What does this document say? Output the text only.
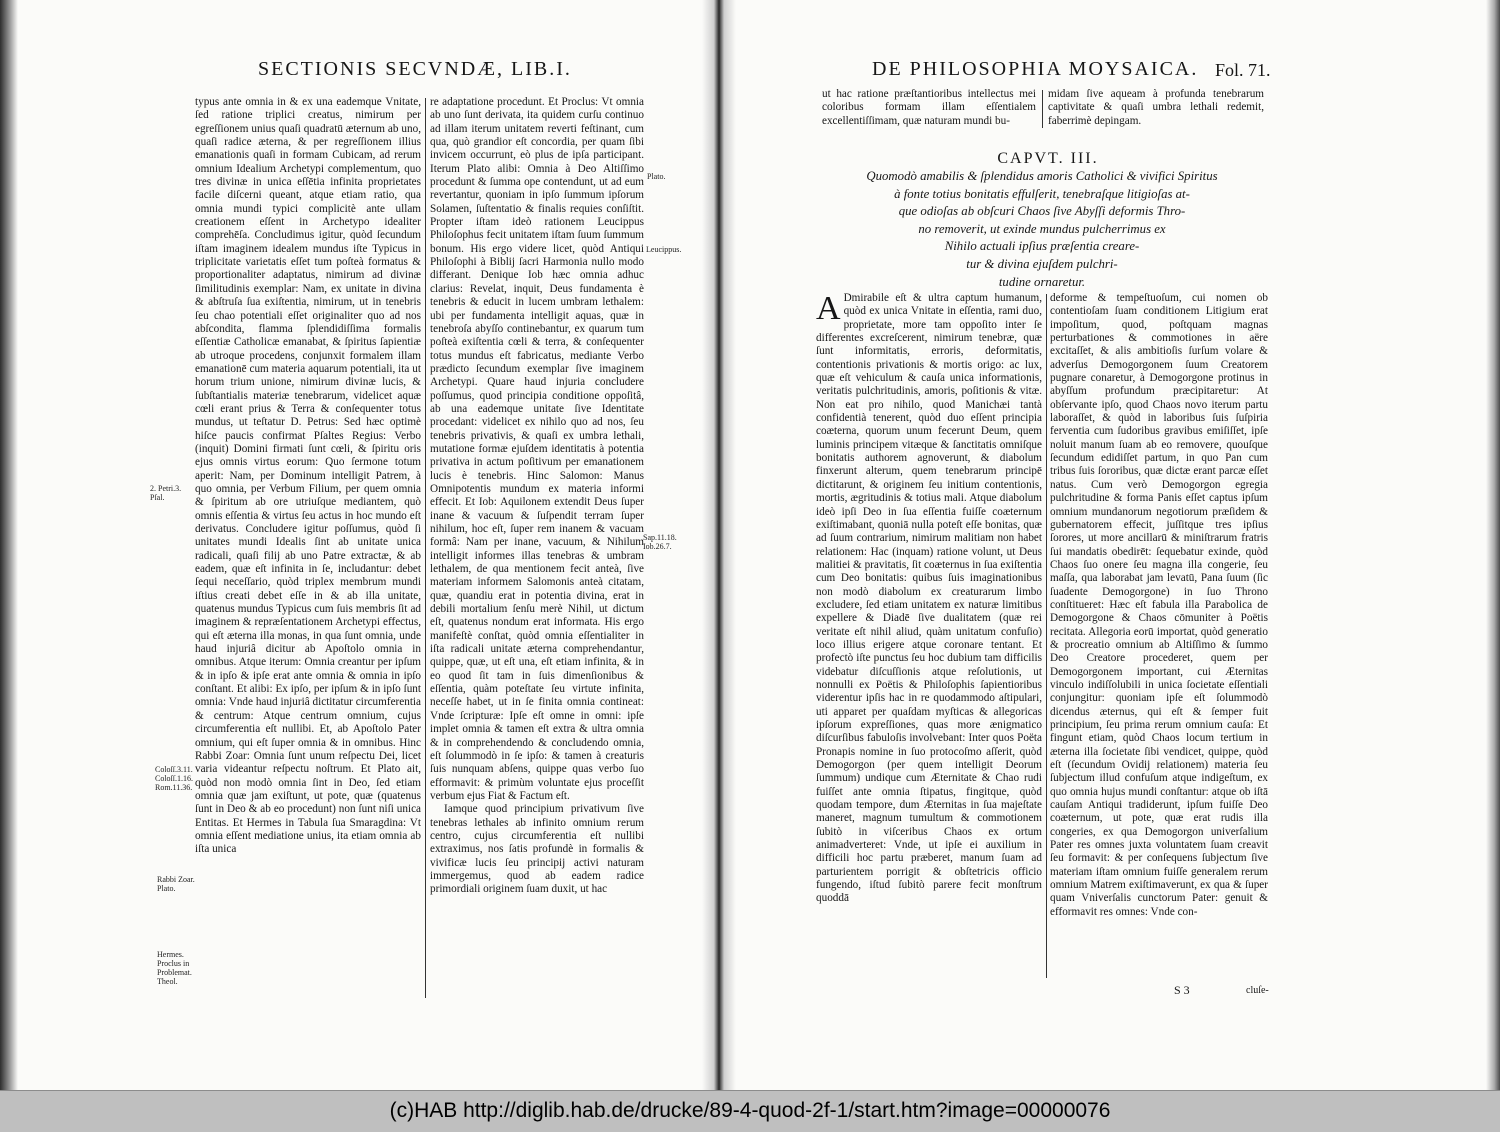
SECTIONIS SECVNDÆ, LIB.I.

typus ante omnia in & ex una eademque Vnitate, ſed ratione triplici creatus, nimirum per egreſſionem unius quaſi quadratū æternum ab uno, quaſi radice æterna, & per regreſſionem illius emanationis quaſi in formam Cubicam, ad rerum omnium Idealium Archetypi complementum, quo tres divinæ in unica eſſētia infinita proprietates facile diſcerni queant, atque etiam ratio, qua omnia mundi typici complicitè ante ullam creationem eſſent in Archetypo idealiter comprehēſa. Concludimus igitur, quòd ſecundum iſtam imaginem idealem mundus iſte Typicus in triplicitate varietatis eſſet tum poſteà formatus & proportionaliter adaptatus, nimirum ad divinæ ſimilitudinis exemplar: Nam, ex unitate in divina & abſtruſa ſua exiſtentia, nimirum, ut in tenebris ſeu chao potentiali eſſet originaliter quo ad nos abſcondita, flamma ſplendidiſſima formalis eſſentiæ Catholicæ emanabat, & ſpiritus ſapientiæ ab utroque procedens, conjunxit formalem illam emanationē cum materia aquarum potentiali, ita ut horum trium unione, nimirum divinæ lucis, & ſubſtantialis materiæ tenebrarum, videlicet aquæ cœli erant prius & Terra & conſequenter totus mundus, ut teſtatur D. Petrus: Sed hæc optimè hiſce paucis confirmat Pſaltes Regius: Verbo (inquit) Domini firmati ſunt cœli, & ſpiritu oris ejus omnis virtus eorum: Quo ſermone totum aperit: Nam, per Dominum intelligit Patrem, à quo omnia, per Verbum Filium, per quem omnia & ſpiritum ab ore utriuſque mediantem, quò omnis eſſentia & virtus ſeu actus in hoc mundo eſt derivatus. Concludere igitur poſſumus, quòd ſi unitates mundi Idealis ſint ab unitate unica radicali, quaſi filij ab uno Patre extractæ, & ab eadem, quæ eſt infinita in ſe, includantur: debet ſequi neceſſario, quòd triplex membrum mundi iſtius creati debet eſſe in & ab illa unitate, quatenus mundus Typicus cum ſuis membris ſit ad imaginem & repræſentationem Archetypi effectus, qui eſt æterna illa monas, in qua ſunt omnia, unde haud injuriâ dicitur ab Apoſtolo omnia in omnibus. Atque iterum: Omnia creantur per ipſum & in ipſo & ipſe erat ante omnia & omnia in ipſo conſtant. Et alibi: Ex ipſo, per ipſum & in ipſo ſunt omnia: Vnde haud injuriâ dictitatur circumferentia & centrum: Atque centrum omnium, cujus circumferentia eſt nullibi. Et, ab Apoſtolo Pater omnium, qui eſt ſuper omnia & in omnibus. Hinc Rabbi Zoar: Omnia ſunt unum reſpectu Dei, licet varia videantur reſpectu noſtrum. Et Plato ait, quòd non modò omnia ſint in Deo, ſed etiam omnia quæ jam exiſtunt, ut pote, quæ (quatenus ſunt in Deo & ab eo procedunt) non ſunt niſi unica Entitas. Et Hermes in Tabula ſua Smaragdina: Vt omnia eſſent mediatione unius, ita etiam omnia ab iſta unica

re adaptatione procedunt. Et Proclus: Vt omnia ab uno ſunt derivata, ita quidem curſu continuo ad illam iterum unitatem reverti feſtinant, cum qua, quò grandior eſt concordia, per quam ſibi invicem occurrunt, eò plus de ipſa participant. Iterum Plato alibi: Omnia à Deo Altiſſimo procedunt & ſumma ope contendunt, ut ad eum revertantur, quoniam in ipſo ſummum ipſorum Solamen, ſuſtentatio & finalis requies conſiſtit. Propter iſtam ideò rationem Leucippus Philoſophus fecit unitatem iſtam ſuum ſummum bonum. His ergo videre licet, quòd Antiqui Philoſophi à Biblij ſacri Harmonia nullo modo differant. Denique Iob hæc omnia adhuc clarius: Revelat, inquit, Deus fundamenta è tenebris & educit in lucem umbram lethalem: ubi per fundamenta intelligit aquas, quæ in tenebroſa abyſſo continebantur, ex quarum tum poſteà exiſtentia cœli & terra, & conſequenter totus mundus eſt fabricatus, mediante Verbo prædicto ſecundum exemplar ſive imaginem Archetypi. Quare haud injuria concludere poſſumus, quod principia conditione oppoſitâ, ab una eademque unitate ſive Identitate procedant: videlicet ex nihilo quo ad nos, ſeu tenebris privativis, & quaſi ex umbra lethali, mutatione formæ ejuſdem identitatis à potentia privativa in actum poſitivum per emanationem lucis è tenebris. Hinc Salomon: Manus Omnipotentis mundum ex materia informi effecit. Et Iob: Aquilonem extendit Deus ſuper inane & vacuum & ſuſpendit terram ſuper nihilum, hoc eſt, ſuper rem inanem & vacuam formâ: Nam per inane, vacuum, & Nihilum intelligit informes illas tenebras & umbram lethalem, de qua mentionem fecit anteà, ſive materiam informem Salomonis anteà citatam, quæ, quandiu erat in potentia divina, erat in debili mortalium ſenſu merè Nihil, ut dictum eſt, quatenus nondum erat informata. His ergo manifeſtè conſtat, quòd omnia eſſentialiter in iſta radicali unitate æterna comprehendantur, quippe, quæ, ut eſt una, eſt etiam infinita, & in eo quod ſit tam in ſuis dimenſionibus & eſſentia, quàm poteſtate ſeu virtute infinita, neceſſe habet, ut in ſe finita omnia contineat: Vnde ſcripturæ: Ipſe eſt omne in omni: ipſe implet omnia & tamen eſt extra & ultra omnia & in comprehendendo & concludendo omnia, eſt ſolummodò in ſe ipſo: & tamen à creaturis ſuis nunquam abſens, quippe quas verbo ſuo efformavit: & primùm voluntate ejus proceſſit verbum ejus Fiat & Factum eſt.

Iamque quod principium privativum ſive tenebras lethales ab infinito omnium rerum centro, cujus circumferentia eſt nullibi extraximus, nos ſatis profundè in formalis & vivificæ lucis ſeu principij activi naturam immergemus, quod ab eadem radice primordiali originem ſuam duxit, ut hac

Plato.
Leucippus.
2. Petri.3.
Pſal.
Sap.11.18.
Iob.26.7.
Coloſſ.3.11.
Coloſſ.1.16.
Rom.11.36.
Rabbi Zoar.
Plato.
Hermes.
Proclus in
Problemat.
Theol.
DE PHILOSOPHIA MOYSAICA. Fol. 71.
ut hac ratione præſtantioribus intellectus mei coloribus formam illam eſſentialem excellentiſſimam, quæ naturam mundi bu-
midam ſive aqueam à profunda tenebrarum captivitate & quaſi umbra lethali redemit, faberrimè depingam.
CAPVT. III.
Quomodò amabilis & ſplendidus amoris Catholici & vivifici Spiritus
à fonte totius bonitatis effulſerit, tenebraſque litigioſas at-
que odioſas ab obſcuri Chaos ſive Abyſſi deformis Thro-
no removerit, ut exinde mundus pulcherrimus ex
Nihilo actuali ipſius præſentia creare-
tur & divina ejuſdem pulchri-
tudine ornaretur.
A Dmirabile eſt & ultra captum humanum, quòd ex unica Vnitate in eſſentia, rami duo, proprietate, more tam oppoſito inter ſe differentes excreſcerent, nimirum tenebræ, quæ ſunt informitatis, erroris, deformitatis, contentionis privationis & mortis origo: ac lux, quæ eſt vehiculum & cauſa unica informationis, veritatis pulchritudinis, amoris, poſitionis & vitæ. Non eat pro nihilo, quod Manichæi tantà confidentià tenerent, quòd duo eſſent principia coæterna, quorum unum fecerunt Deum, quem luminis principem vitæque & ſanctitatis omniſque bonitatis authorem agnoverunt, & diabolum finxerunt alterum, quem tenebrarum principē dictitarunt, & originem ſeu initium contentionis, mortis, ægritudinis & totius mali. Atque diabolum ideò ipſi Deo in ſua eſſentia fuiſſe coæternum exiſtimabant, quoniā nulla poteſt eſſe bonitas, quæ ad ſuum contrarium, nimirum malitiam non habet relationem: Hac (inquam) ratione volunt, ut Deus malitiei & pravitatis, ſit coæternus in ſua exiſtentia cum Deo bonitatis: quibus ſuis imaginationibus non modò diabolum ex creaturarum limbo excludere, ſed etiam unitatem ex naturæ limitibus expellere & Diadē ſive dualitatem (quæ rei veritate eſt nihil aliud, quàm unitatum confuſio) loco illius erigere atque coronare tentant. Et profectò iſte punctus ſeu hoc dubium tam difficilis videbatur diſcuſſionis atque reſolutionis, ut nonnulli ex Poëtis & Philoſophis ſapientioribus viderentur ipſis hac in re quodammodo aſtipulari, uti apparet per quaſdam myſticas & allegoricas ipſorum expreſſiones, quas more ænigmatico diſcurſibus fabuloſis involvebant: Inter quos Poëta Pronapis nomine in ſuo protocoſmo aſſerit, quòd Demogorgon (per quem intelligit Deorum ſummum) undique cum Æternitate & Chao rudi fuiſſet ante omnia ſtipatus, fingitque, quòd quodam tempore, dum Æternitas in ſua majeſtate maneret, magnum tumultum & commotionem ſubitò in viſceribus Chaos ex ortum animadverteret: Vnde, ut ipſe ei auxilium in difficili hoc partu præberet, manum ſuam ad parturientem porrigit & obſtetricis officio fungendo, iſtud ſubitò parere fecit monſtrum quoddā
deforme & tempeſtuoſum, cui nomen ob contentioſam ſuam conditionem Litigium erat impoſitum, quod, poſtquam magnas perturbationes & commotiones in aëre excitaſſet, & alis ambitioſis ſurſum volare & adverſus Demogorgonem ſuum Creatorem pugnare conaretur, à Demogorgone protinus in abyſſum profundum præcipitaretur: At obſervante ipſo, quod Chaos novo iterum partu laboraſſet, & quòd in laboribus ſuis ſuſpiria ferventia cum ſudoribus gravibus emiſiſſet, ipſe noluit manum ſuam ab eo removere, quouſque ſecundum edidiſſet partum, in quo Pan cum tribus ſuis ſororibus, quæ dictæ erant parcæ eſſet natus. Cum verò Demogorgon egregia pulchritudine & forma Panis eſſet captus ipſum omnium mundanorum negotiorum præſidem & gubernatorem effecit, juſſitque tres ipſius ſorores, ut more ancillarū & miniſtrarum fratris ſui mandatis obedirēt: ſequebatur exinde, quòd Chaos ſuo onere ſeu magna illa congerie, ſeu maſſa, qua laborabat jam levatū, Pana ſuum (ſic ſuadente Demogorgone) in ſuo Throno conſtitueret: Hæc eſt fabula illa Parabolica de Demogorgone & Chaos cōmuniter à Poëtis recitata. Allegoria eorū importat, quòd generatio & procreatio omnium ab Altiſſimo & ſummo Deo Creatore procederet, quem per Demogorgonem important, cui Æternitas vinculo indiſſolubili in unica ſocietate eſſentiali conjungitur: quoniam ipſe eſt ſolummodò dicendus æternus, qui eſt & ſemper fuit principium, ſeu prima rerum omnium cauſa: Et fingunt etiam, quòd Chaos locum tertium in æterna illa ſocietate ſibi vendicet, quippe, quòd eſt (ſecundum Ovidij relationem) materia ſeu ſubjectum illud confuſum atque indigeſtum, ex quo omnia hujus mundi conſtantur: atque ob iſtā cauſam Antiqui tradiderunt, ipſum fuiſſe Deo coæternum, ut pote, quæ erat rudis illa congeries, ex qua Demogorgon univerſalium Pater res omnes juxta voluntatem ſuam creavit ſeu formavit: & per conſequens ſubjectum ſive materiam iſtam omnium fuiſſe generalem rerum omnium Matrem exiſtimaverunt, ex qua & ſuper quam Vniverſalis cunctorum Pater: genuit & efformavit res omnes: Vnde con-
S 3	cluſe-
(c)HAB http://diglib.hab.de/drucke/89-4-quod-2f-1/start.htm?image=00000076
